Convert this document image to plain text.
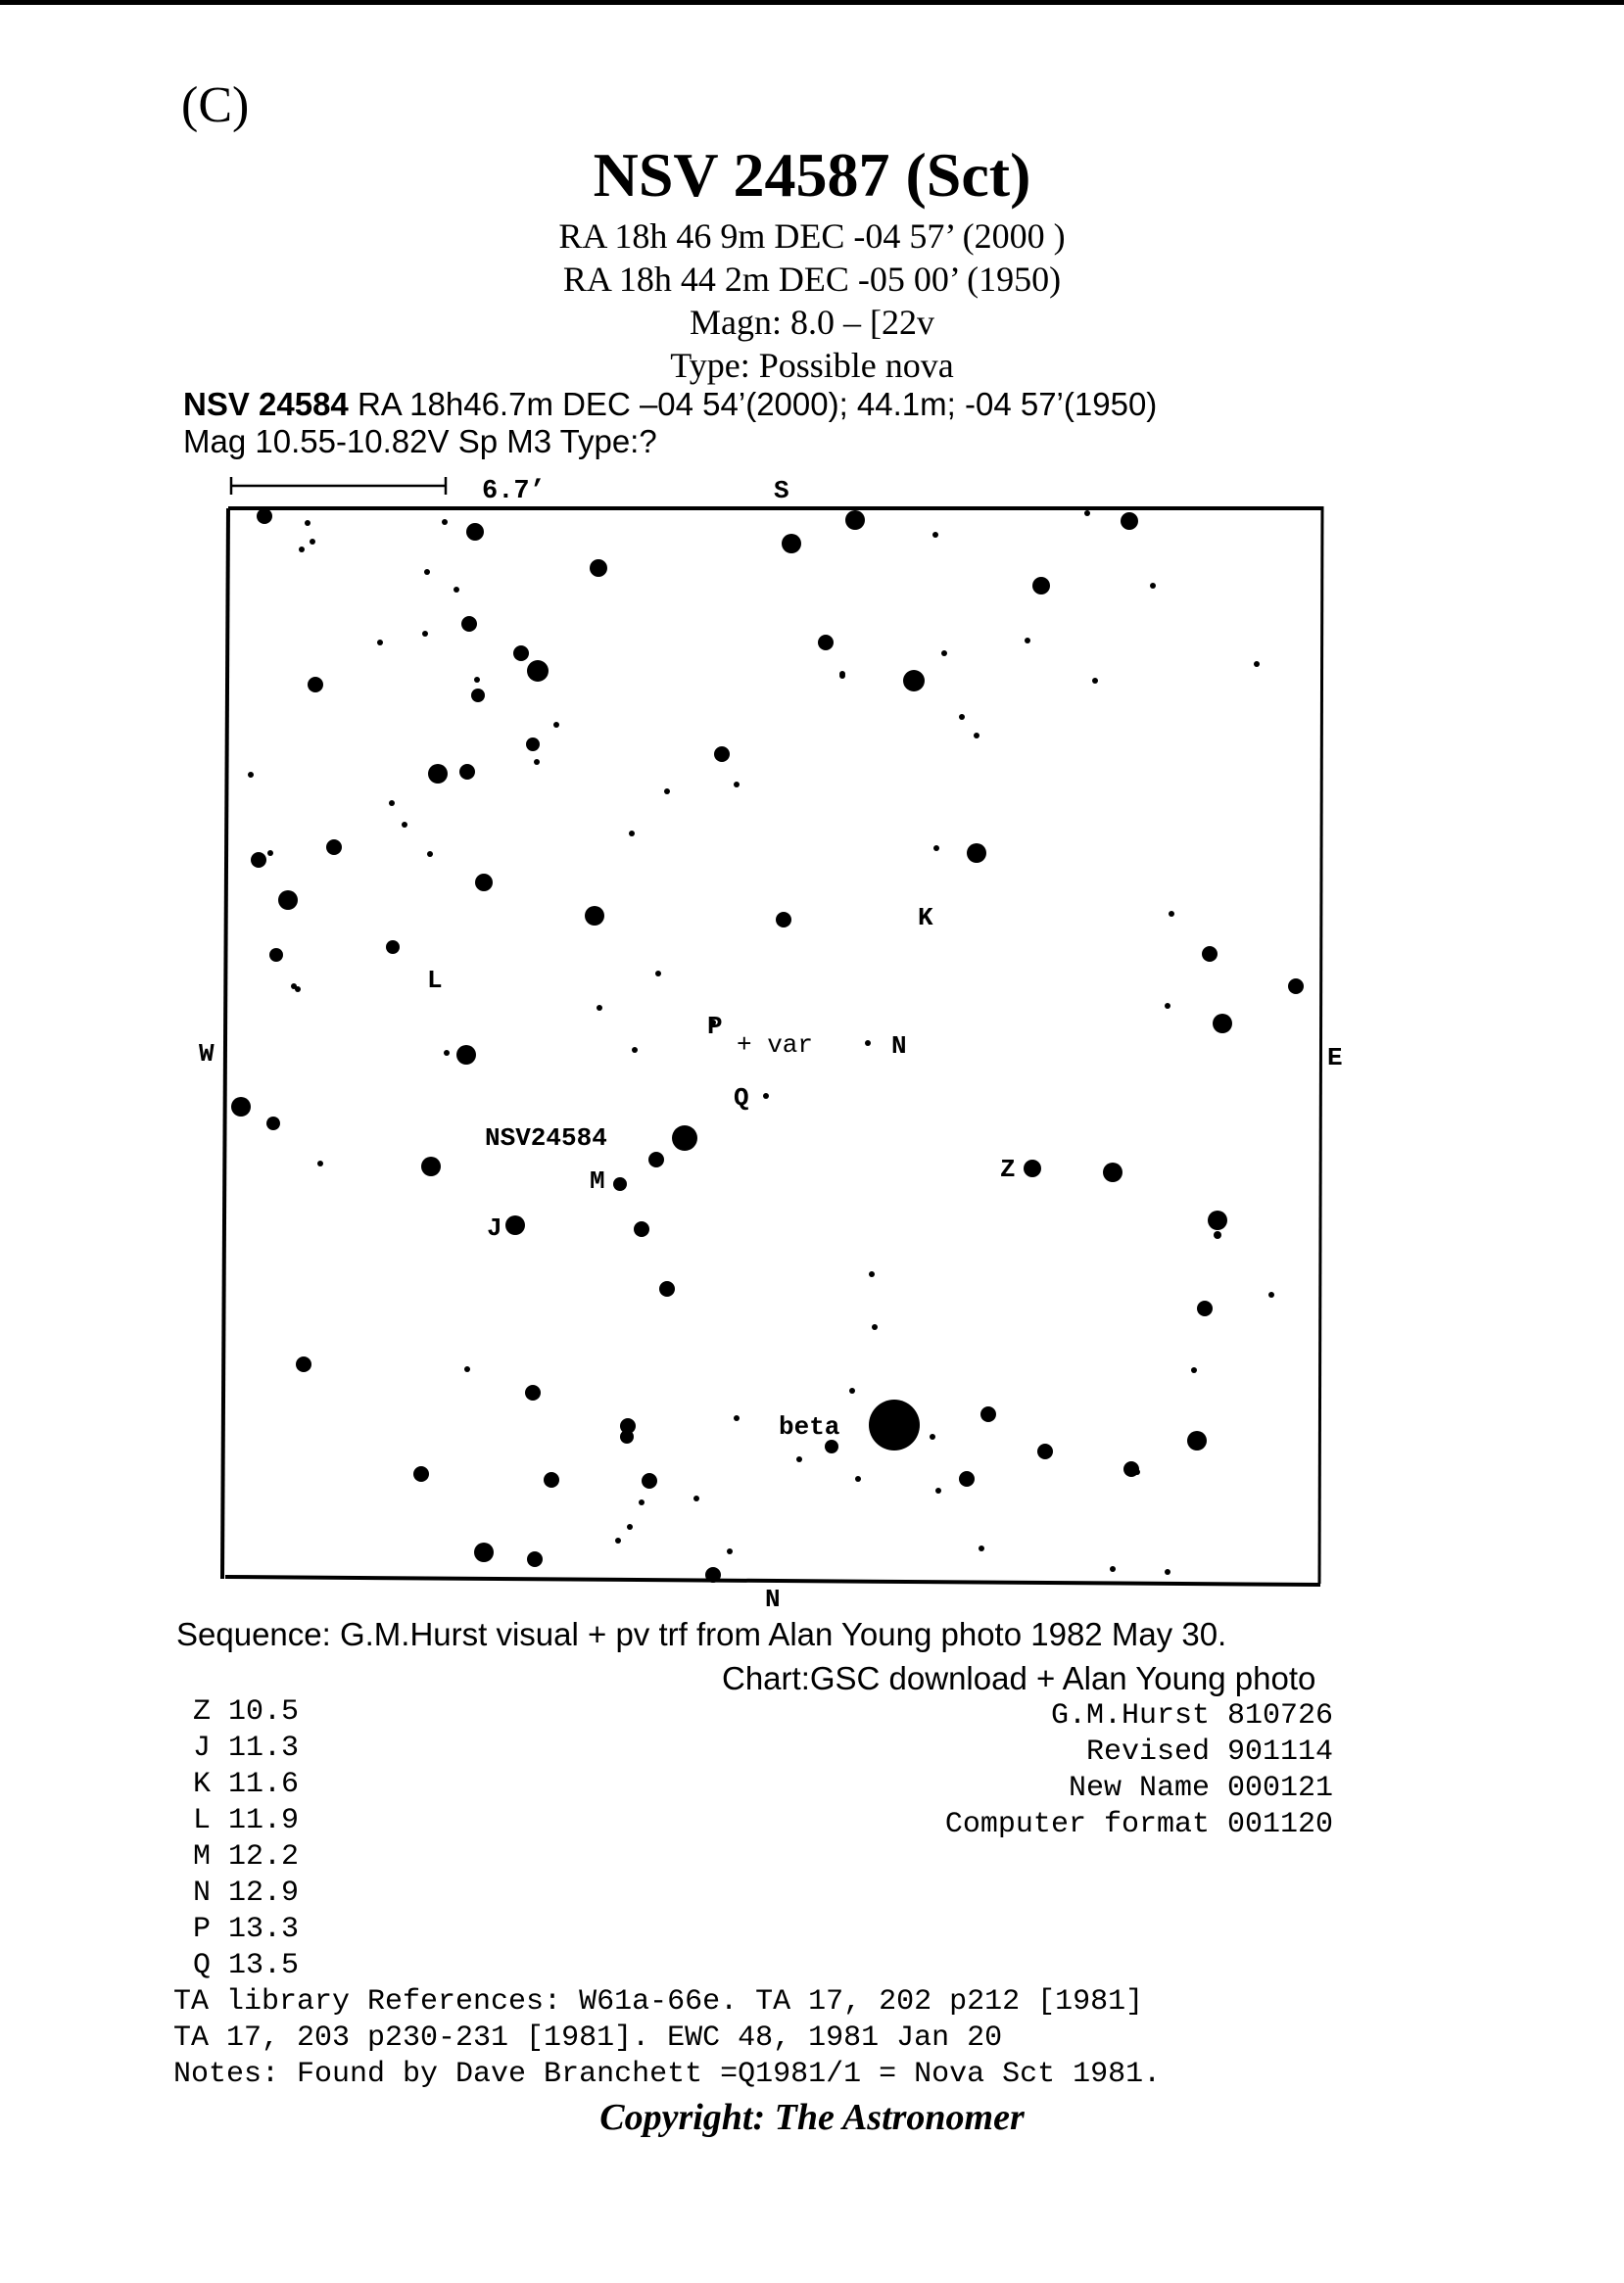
(C)
NSV 24587 (Sct)
RA 18h 46 9m DEC -04 57’ (2000 )
RA 18h 44 2m DEC -05 00’ (1950)
Magn: 8.0 – [22v
Type: Possible nova
NSV 24584 RA 18h46.7m DEC –04 54’(2000); 44.1m; -04 57’(1950)
Mag 10.55-10.82V Sp M3 Type:?
6.7’	S
N
W	E
K
L
P
+ var	N
Q
NSV24584
M	Z
J
beta
Sequence: G.M.Hurst visual + pv trf from Alan Young photo 1982 May 30.
Chart:GSC download + Alan Young photo
G.M.Hurst 810726
Revised 901114
New Name 000121
Computer format 001120
Z 10.5
J 11.3
K 11.6
L 11.9
M 12.2
N 12.9
P 13.3
Q 13.5
TA library References: W61a-66e. TA 17, 202 p212 [1981]
TA 17, 203 p230-231 [1981]. EWC 48, 1981 Jan 20
Notes: Found by Dave Branchett =Q1981/1 = Nova Sct 1981.
Copyright: The Astronomer
